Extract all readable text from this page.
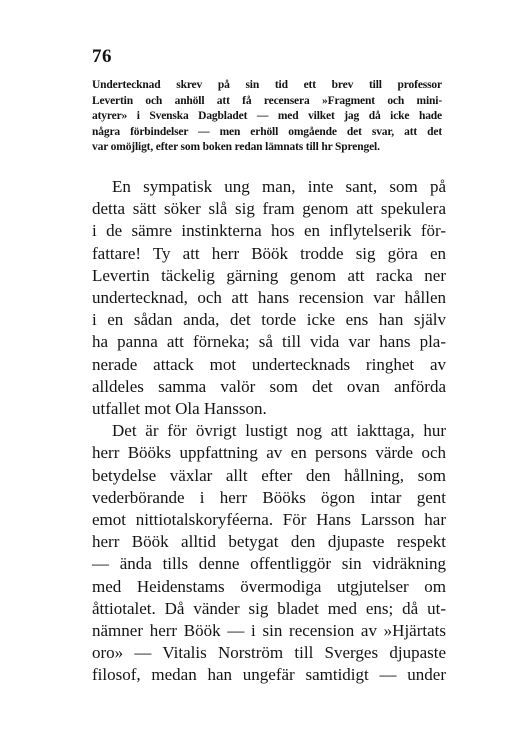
76
Undertecknad skrev på sin tid ett brev till professor
Levertin och anhöll att få recensera »Fragment och mini-
atyrer» i Svenska Dagbladet — med vilket jag då icke hade
några förbindelser — men erhöll omgående det svar, att det
var omöjligt, efter som boken redan lämnats till hr Sprengel.
En sympatisk ung man, inte sant, som på
detta sätt söker slå sig fram genom att spekulera
i de sämre instinkterna hos en inflytelserik för-
fattare! Ty att herr Böök trodde sig göra en
Levertin täckelig gärning genom att racka ner
undertecknad, och att hans recension var hållen
i en sådan anda, det torde icke ens han själv
ha panna att förneka; så till vida var hans pla-
nerade attack mot undertecknads ringhet av
alldeles samma valör som det ovan anförda
utfallet mot Ola Hansson.
Det är för övrigt lustigt nog att iakttaga, hur
herr Bööks uppfattning av en persons värde och
betydelse växlar allt efter den hållning, som
vederbörande i herr Bööks ögon intar gent
emot nittiotalskoryféerna. För Hans Larsson har
herr Böök alltid betygat den djupaste respekt
— ända tills denne offentliggör sin vidräkning
med Heidenstams övermodiga utgjutelser om
åttiotalet. Då vänder sig bladet med ens; då ut-
nämner herr Böök — i sin recension av »Hjärtats
oro» — Vitalis Norström till Sverges djupaste
filosof, medan han ungefär samtidigt — under
